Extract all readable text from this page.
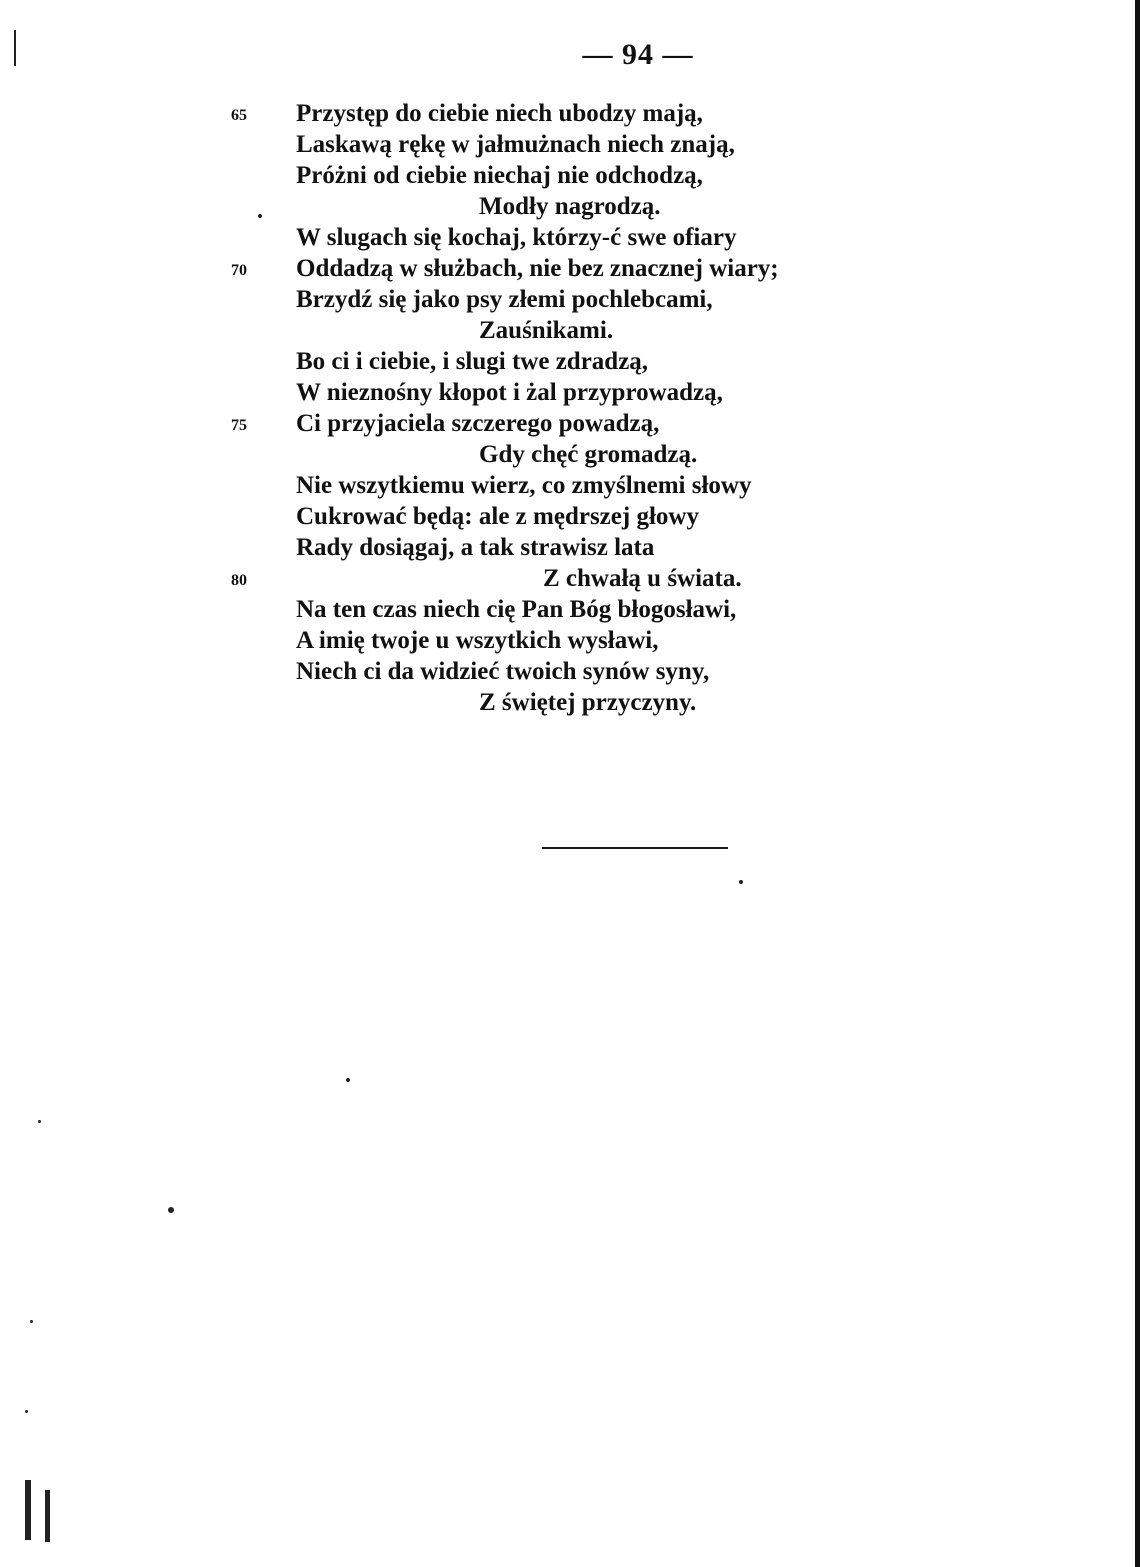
— 94 —
65 Przystęp do ciebie niech ubodzy mają,
Laskawą rękę w jałmużnach niech znają,
Próżni od ciebie niechaj nie odchodzą,
Modły nagrodzą.
W slugach się kochaj, którzy-ć swe ofiary
70 Oddadzą w służbach, nie bez znacznej wiary;
Brzydź się jako psy złemi pochlebcami,
Zauśnikami.
Bo ci i ciebie, i slugi twe zdradzą,
W nieznośny kłopot i żal przyprowadzą,
75 Ci przyjaciela szczerego powadzą,
Gdy chęć gromadzą.
Nie wszytkiemu wierz, co zmyślnemi słowy
Cukrować będą: ale z mędrszej głowy
Rady dosiągaj, a tak strawisz lata
80	Z chwałą u świata.
Na ten czas niech cię Pan Bóg błogosławi,
A imię twoje u wszytkich wysławi,
Niech ci da widzieć twoich synów syny,
Z świętej przyczyny.
